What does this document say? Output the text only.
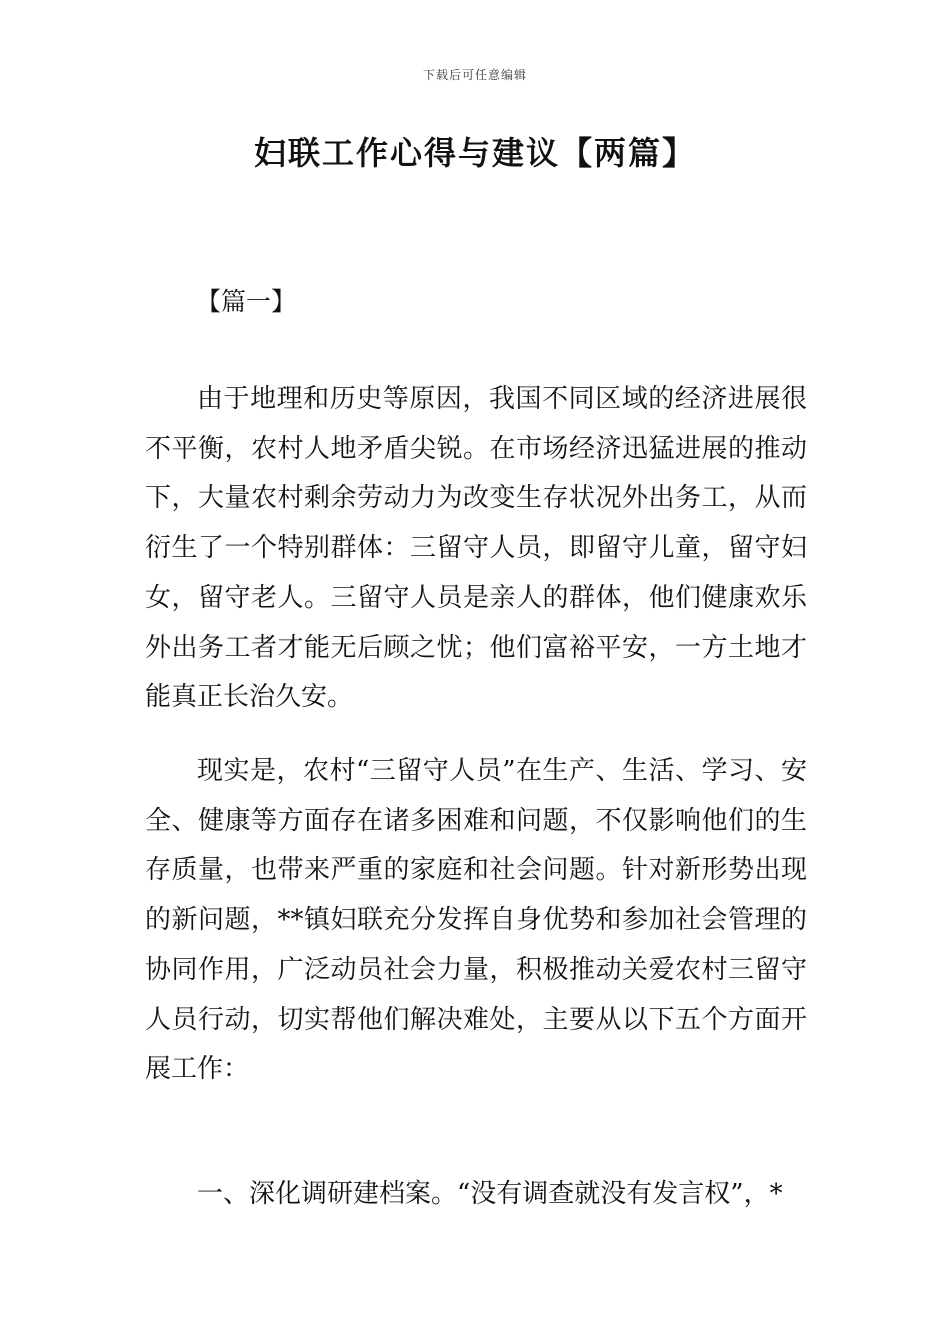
下载后可任意编辑
妇联工作心得与建议【两篇】
【篇一】

由于地理和历史等原因，我国不同区域的经济进展很不平衡，农村人地矛盾尖锐。在市场经济迅猛进展的推动下，大量农村剩余劳动力为改变生存状况外出务工，从而衍生了一个特别群体：三留守人员，即留守儿童，留守妇女，留守老人。三留守人员是亲人的群体，他们健康欢乐外出务工者才能无后顾之忧；他们富裕平安，一方土地才能真正长治久安。

现实是，农村“三留守人员”在生产、生活、学习、安全、健康等方面存在诸多困难和问题，不仅影响他们的生存质量，也带来严重的家庭和社会问题。针对新形势出现的新问题，**镇妇联充分发挥自身优势和参加社会管理的协同作用，广泛动员社会力量，积极推动关爱农村三留守人员行动，切实帮他们解决难处，主要从以下五个方面开展工作：

一、深化调研建档案。“没有调查就没有发言权”，*
